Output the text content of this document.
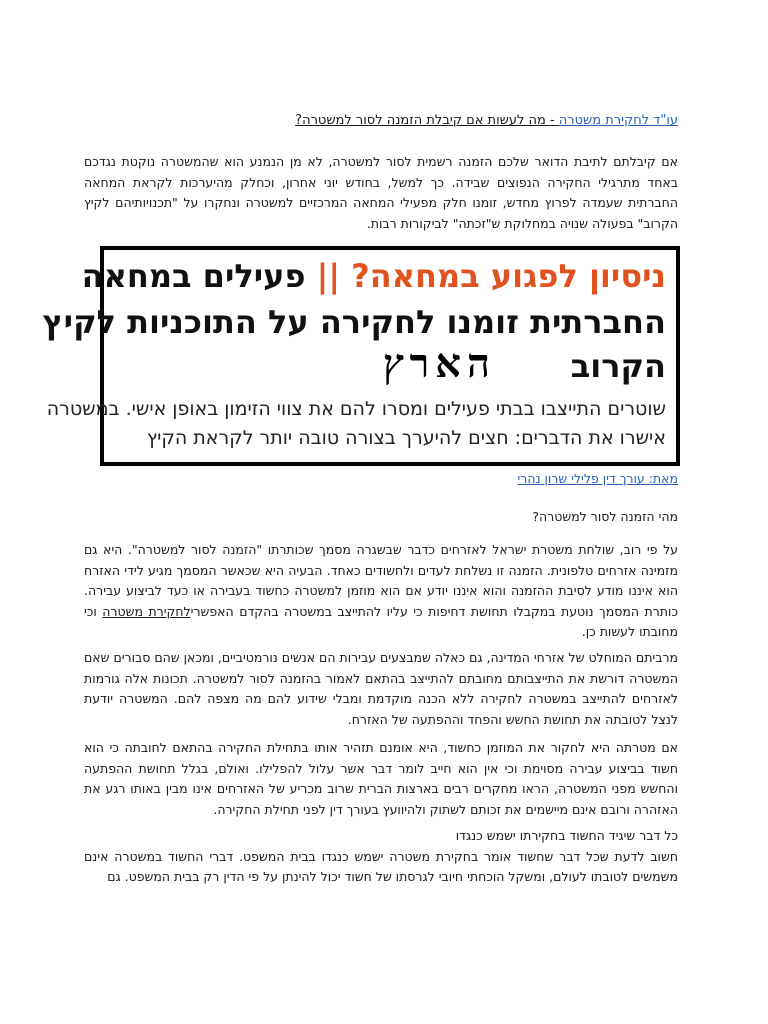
עו"ד לחקירת משטרה - מה לעשות אם קיבלת הזמנה לסור למשטרה?
אם קיבלתם לתיבת הדואר שלכם הזמנה רשמית לסור למשטרה, לא מן הנמנע הוא שהמשטרה נוקטת נגדכם באחד מתרגילי החקירה הנפוצים שבידה. כך למשל, בחודש יוני אחרון, וכחלק מהיערכות לקראת המחאה החברתית שעמדה לפרוץ מחדש, זומנו חלק מפעילי המחאה המרכזיים למשטרה ונחקרו על "תכנויותיהם לקיץ הקרוב" בפעולה שנויה במחלוקת ש"זכתה" לביקורות רבות.
ניסיון לפגוע במחאה? || פעילים במחאה
החברתית זומנו לחקירה על התוכניות לקיץ
הקרוב
הארץ
שוטרים התייצבו בבתי פעילים ומסרו להם את צווי הזימון באופן אישי. במשטרה
אישרו את הדברים: חצים להיערך בצורה טובה יותר לקראת הקיץ
מאת: עורך דין פלילי שרון נהרי
מהי הזמנה לסור למשטרה?
על פי רוב, שולחת משטרת ישראל לאזרחים כדבר שבשגרה מסמך שכותרתו "הזמנה לסור למשטרה". היא גם מזמינה אזרחים טלפונית. הזמנה זו נשלחת לעדים ולחשודים כאחד. הבעיה היא שכאשר המסמך מגיע לידי האזרח הוא איננו מודע לסיבת ההזמנה והוא איננו יודע אם הוא מוזמן למשטרה כחשוד בעבירה או כעד לביצוע עבירה. כותרת המסמך נוטעת במקבלו תחושת דחיפות כי עליו להתייצב במשטרה בהקדם האפשרילחקירת משטרה וכי מחובתו לעשות כן.
מרביתם המוחלט של אזרחי המדינה, גם כאלה שמבצעים עבירות הם אנשים נורמטיביים, ומכאן שהם סבורים שאם המשטרה דורשת את התייצבותם מחובתם להתייצב בהתאם לאמור בהזמנה לסור למשטרה. תכונות אלה גורמות לאזרחים להתייצב במשטרה לחקירה ללא הכנה מוקדמת ומבלי שידוע להם מה מצפה להם. המשטרה יודעת לנצל לטובתה את תחושת החשש והפחד וההפתעה של האזרח.
אם מטרתה היא לחקור את המוזמן כחשוד, היא אומנם תזהיר אותו בתחילת החקירה בהתאם לחובתה כי הוא חשוד בביצוע עבירה מסוימת וכי אין הוא חייב לומר דבר אשר עלול להפלילו. ואולם, בגלל תחושת ההפתעה והחשש מפני המשטרה, הראו מחקרים רבים בארצות הברית שרוב מכריע של האזרחים אינו מבין באותו רגע את האזהרה ורובם אינם מיישמים את זכותם לשתוק ולהיוועץ בעורך דין לפני תחילת החקירה.
כל דבר שיגיד החשוד בחקירתו ישמש כנגדו
חשוב לדעת שכל דבר שחשוד אומר בחקירת משטרה ישמש כנגדו בבית המשפט. דברי החשוד במשטרה אינם משמשים לטובתו לעולם, ומשקל הוכחתי חיובי לגרסתו של חשוד יכול להינתן על פי הדין רק בבית המשפט. גם
